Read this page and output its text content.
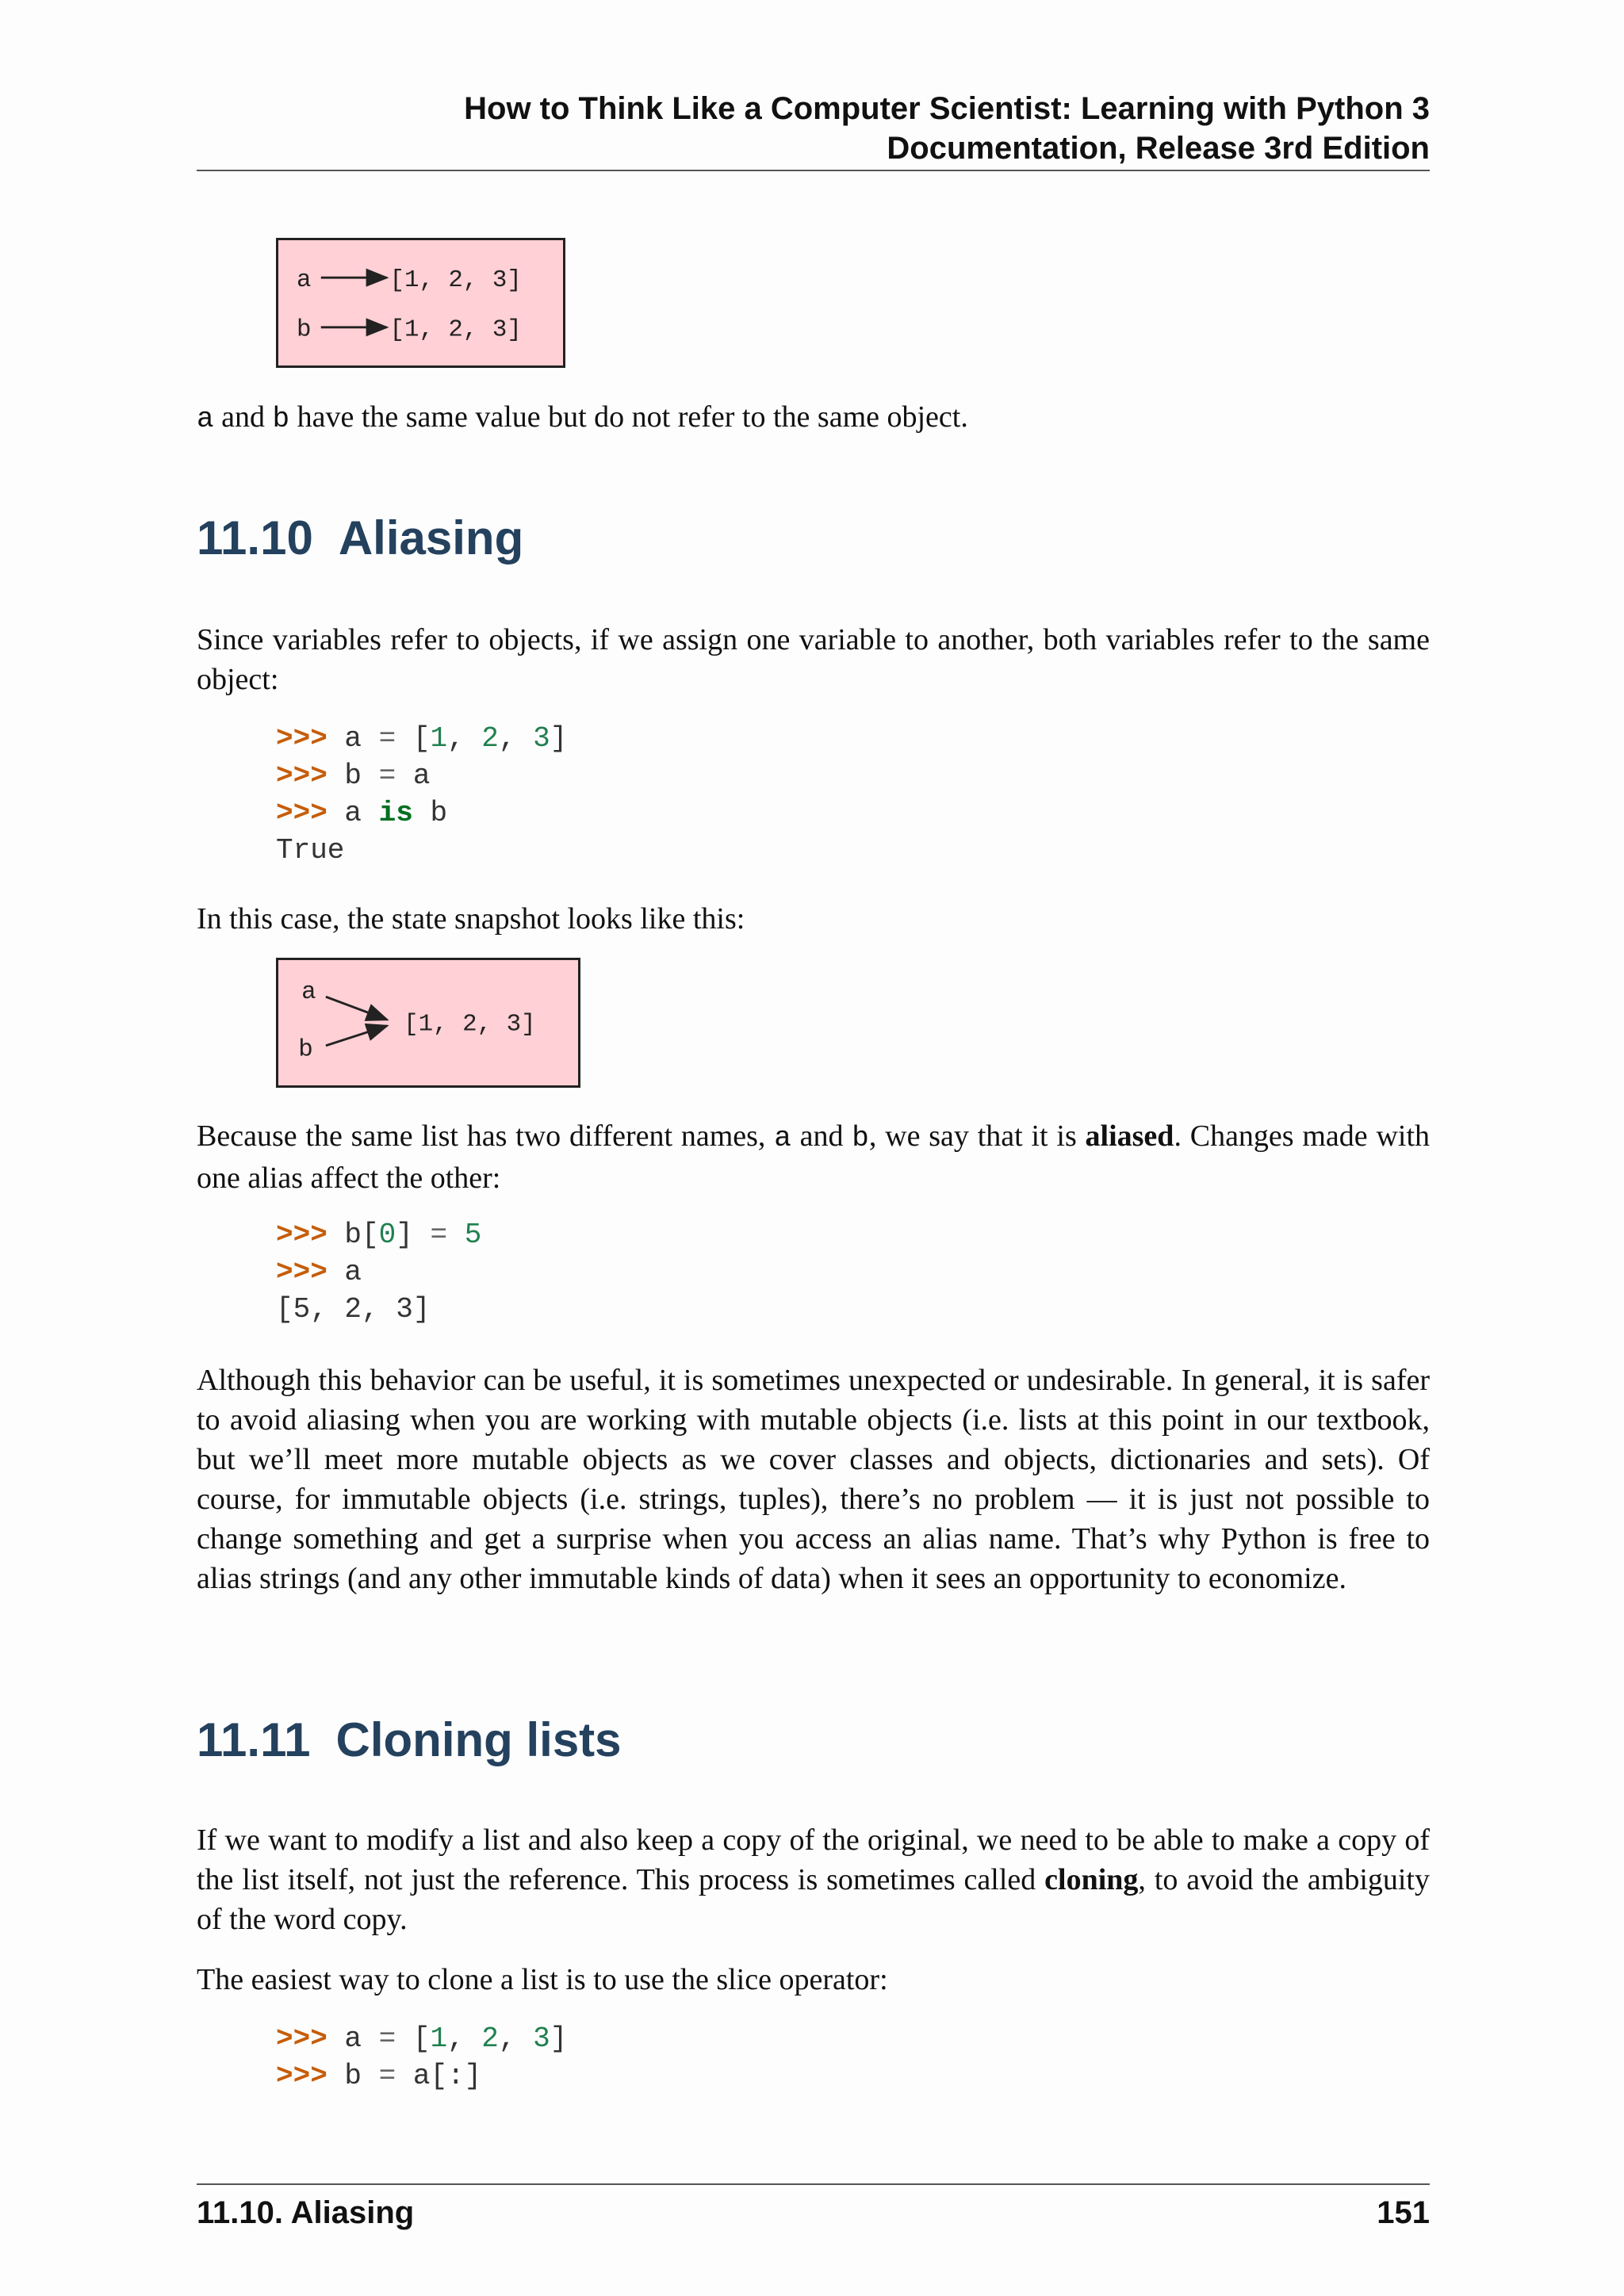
How to Think Like a Computer Scientist: Learning with Python 3
Documentation, Release 3rd Edition
a	[1, 2, 3]
b	[1, 2, 3]

a and b have the same value but do not refer to the same object.

11.10 Aliasing

Since variables refer to objects, if we assign one variable to another, both variables refer to the same object:

>>> a = [1, 2, 3]
>>> b = a
>>> a is b
True

In this case, the state snapshot looks like this:

a
b
[1, 2, 3]

Because the same list has two different names, a and b, we say that it is aliased. Changes made with one alias affect the other:

>>> b[0] = 5
>>> a
[5, 2, 3]

Although this behavior can be useful, it is sometimes unexpected or undesirable. In general, it is safer to avoid aliasing when you are working with mutable objects (i.e. lists at this point in our textbook, but we’ll meet more mutable objects as we cover classes and objects, dictionaries and sets). Of course, for immutable objects (i.e. strings, tuples), there’s no problem — it is just not possible to change something and get a surprise when you access an alias name. That’s why Python is free to alias strings (and any other immutable kinds of data) when it sees an opportunity to economize.

11.11 Cloning lists

If we want to modify a list and also keep a copy of the original, we need to be able to make a copy of the list itself, not just the reference. This process is sometimes called cloning, to avoid the ambiguity of the word copy.

The easiest way to clone a list is to use the slice operator:

>>> a = [1, 2, 3]
>>> b = a[:]
11.10. Aliasing	151
